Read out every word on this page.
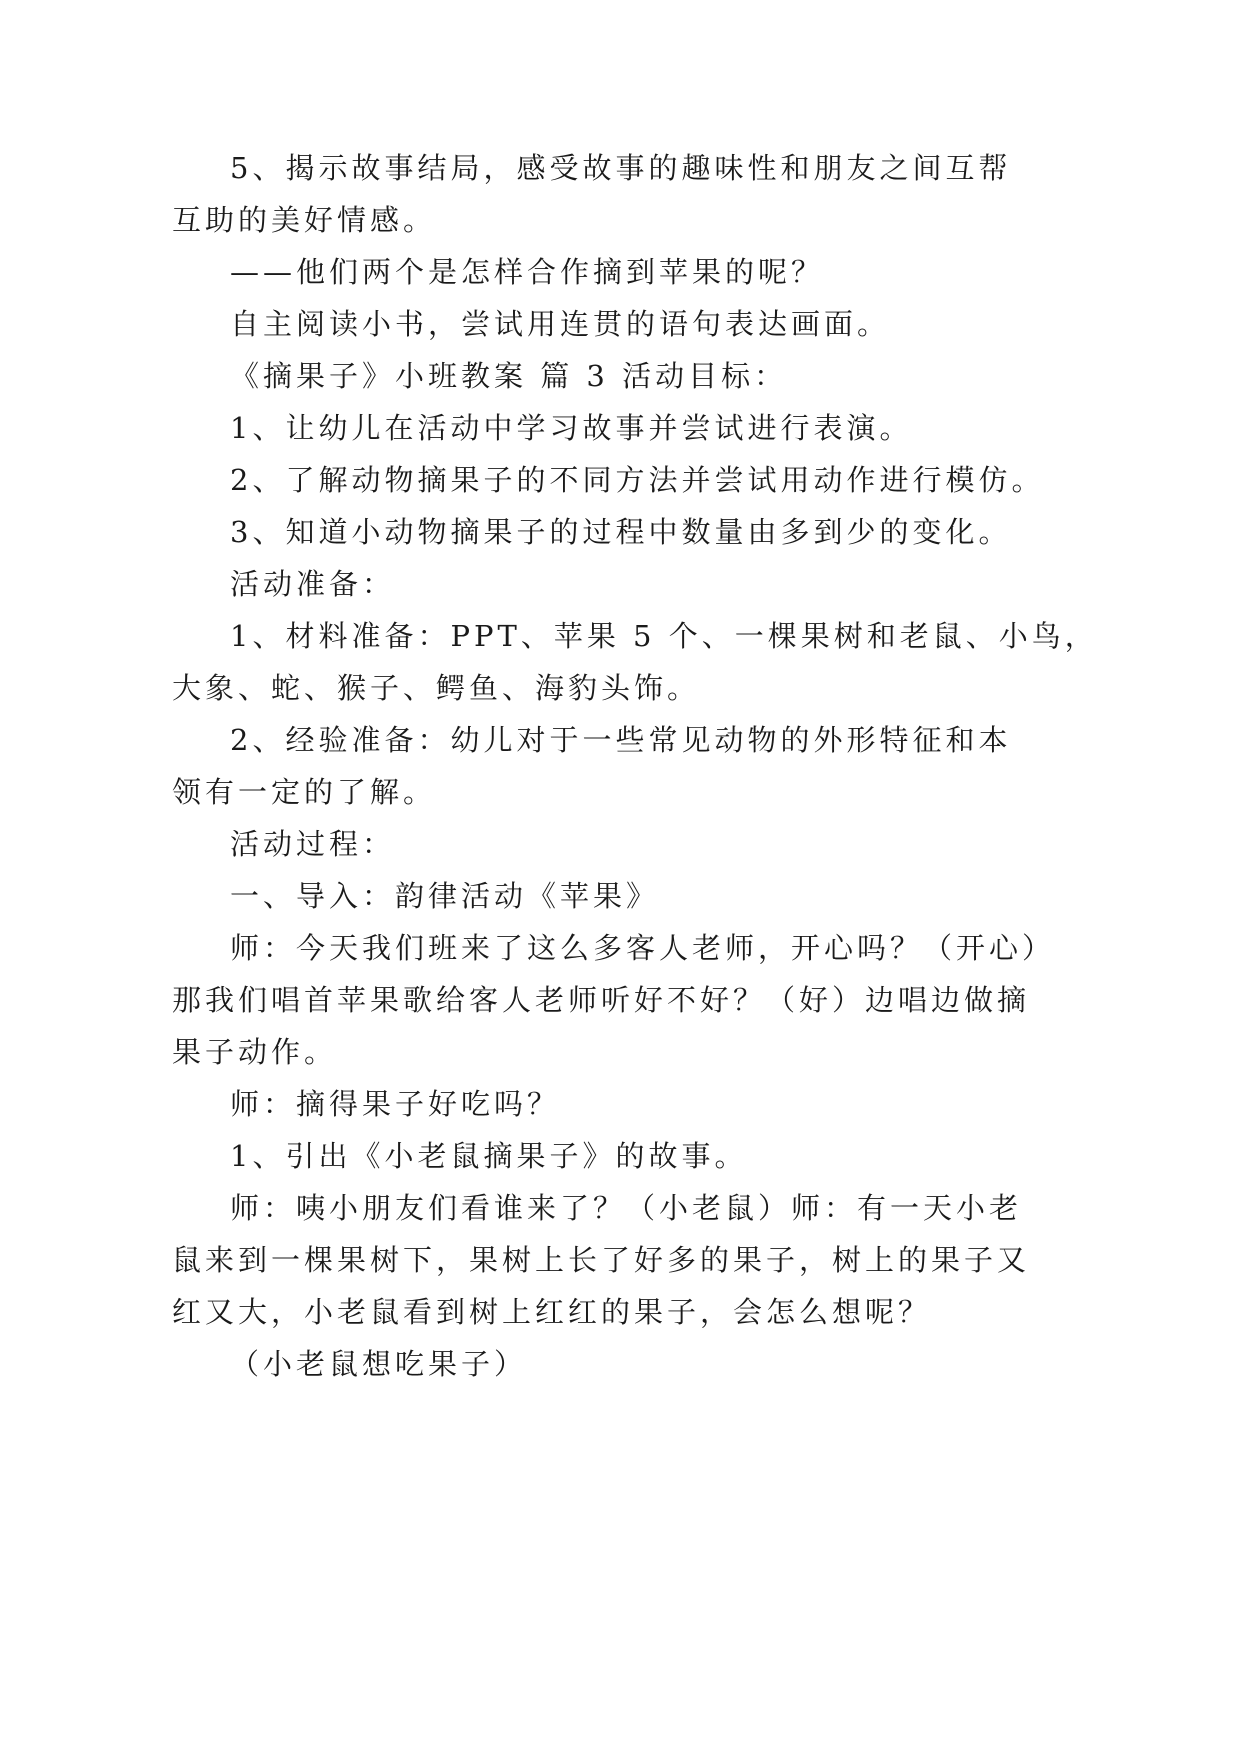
5、揭示故事结局，感受故事的趣味性和朋友之间互帮
互助的美好情感。
——他们两个是怎样合作摘到苹果的呢？
自主阅读小书，尝试用连贯的语句表达画面。
《摘果子》小班教案 篇 3 活动目标：
1、让幼儿在活动中学习故事并尝试进行表演。
2、了解动物摘果子的不同方法并尝试用动作进行模仿。
3、知道小动物摘果子的过程中数量由多到少的变化。
活动准备：
1、材料准备：PPT、苹果 5 个、一棵果树和老鼠、小鸟，
大象、蛇、猴子、鳄鱼、海豹头饰。
2、经验准备：幼儿对于一些常见动物的外形特征和本
领有一定的了解。
活动过程：
一、导入：韵律活动《苹果》
师：今天我们班来了这么多客人老师，开心吗？（开心）
那我们唱首苹果歌给客人老师听好不好？（好）边唱边做摘
果子动作。
师：摘得果子好吃吗？
1、引出《小老鼠摘果子》的故事。
师：咦小朋友们看谁来了？（小老鼠）师：有一天小老
鼠来到一棵果树下，果树上长了好多的果子，树上的果子又
红又大，小老鼠看到树上红红的果子，会怎么想呢？
（小老鼠想吃果子）
